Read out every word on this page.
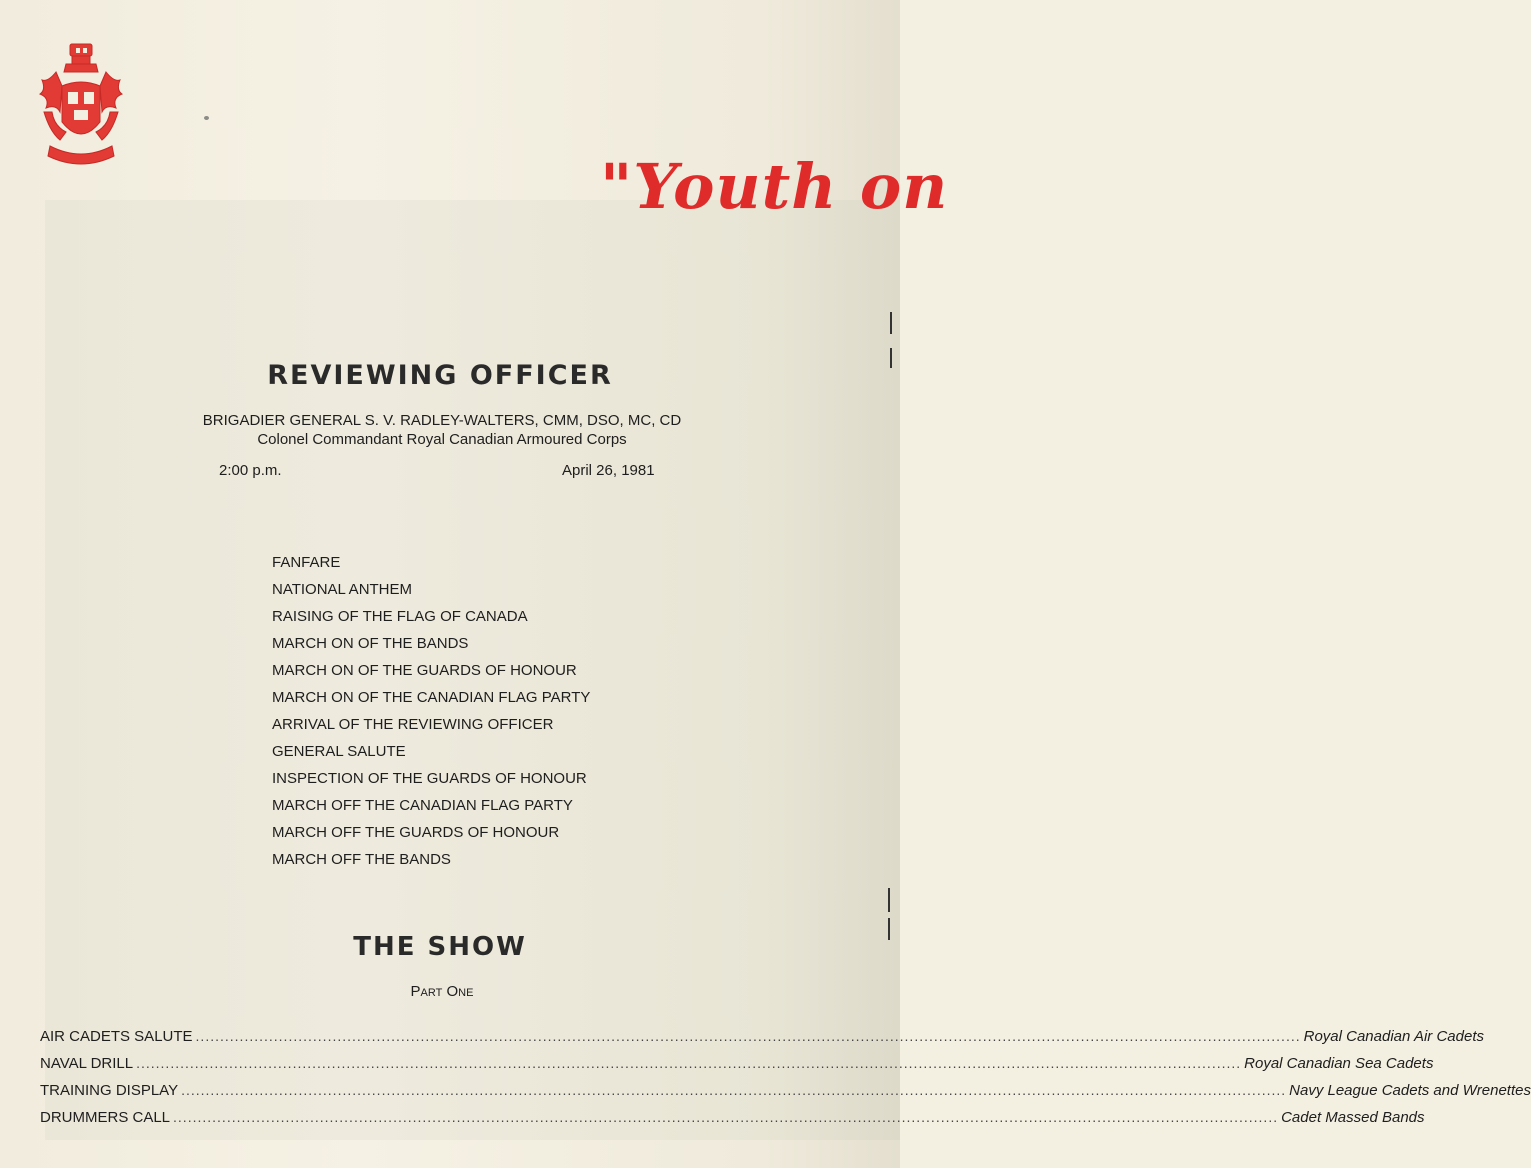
"Youth on
REVIEWING OFFICER
BRIGADIER GENERAL S. V. RADLEY-WALTERS, CMM, DSO, MC, CD
Colonel Commandant Royal Canadian Armoured Corps
2:00 p.m.	April 26, 1981
FANFARE
NATIONAL ANTHEM
RAISING OF THE FLAG OF CANADA
MARCH ON OF THE BANDS
MARCH ON OF THE GUARDS OF HONOUR
MARCH ON OF THE CANADIAN FLAG PARTY
ARRIVAL OF THE REVIEWING OFFICER
GENERAL SALUTE
INSPECTION OF THE GUARDS OF HONOUR
MARCH OFF THE CANADIAN FLAG PARTY
MARCH OFF THE GUARDS OF HONOUR
MARCH OFF THE BANDS
THE SHOW
Part One
AIR CADETS SALUTE .....	Royal Canadian Air Cadets
NAVAL DRILL .....	Royal Canadian Sea Cadets
TRAINING DISPLAY .....	Navy League Cadets and Wrenettes
DRUMMERS CALL .....	Cadet Massed Bands
